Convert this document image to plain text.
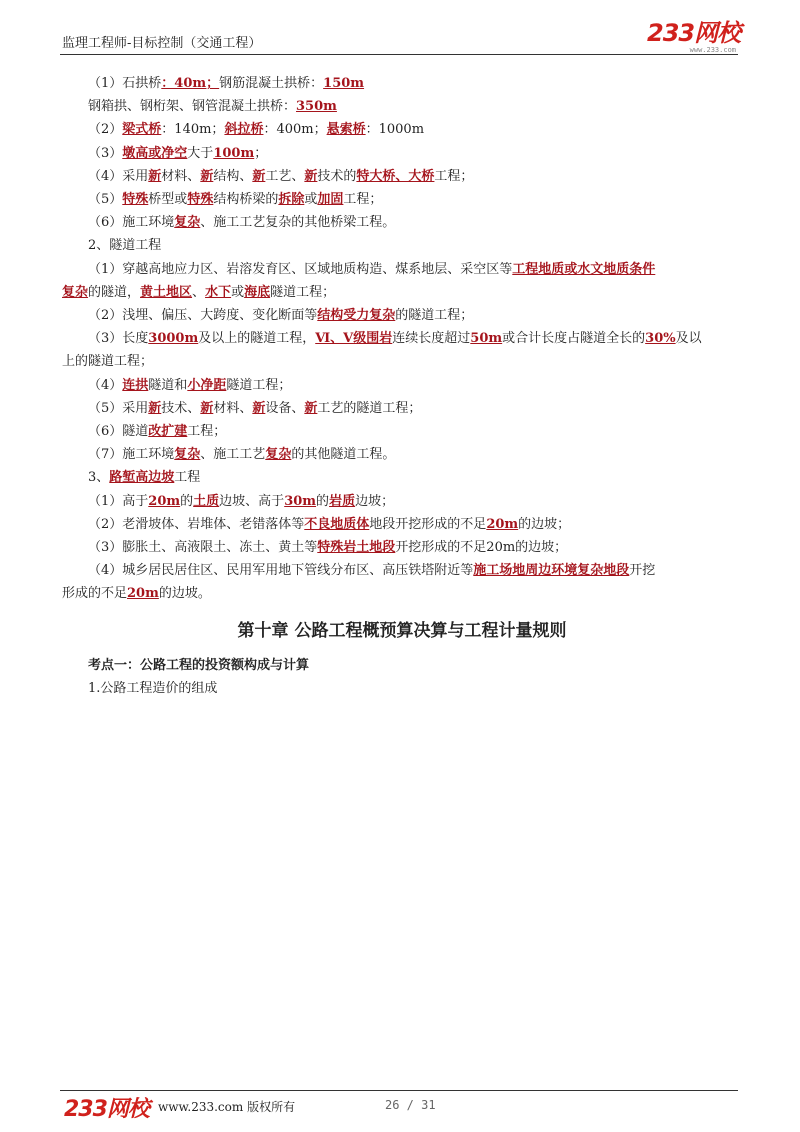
监理工程师-目标控制（交通工程）	233网校
www.233.com
（1）石拱桥：40m；钢筋混凝土拱桥：150m
钢箱拱、钢桁架、钢管混凝土拱桥：350m
（2）梁式桥：140m；斜拉桥：400m；悬索桥：1000m
（3）墩高或净空大于100m；
（4）采用新材料、新结构、新工艺、新技术的特大桥、大桥工程；
（5）特殊桥型或特殊结构桥梁的拆除或加固工程；
（6）施工环境复杂、施工工艺复杂的其他桥梁工程。
2、隧道工程
（1）穿越高地应力区、岩溶发育区、区域地质构造、煤系地层、采空区等工程地质或水文地质条件
复杂的隧道，黄土地区、水下或海底隧道工程；
（2）浅埋、偏压、大跨度、变化断面等结构受力复杂的隧道工程；
（3）长度3000m及以上的隧道工程，Ⅵ、Ⅴ级围岩连续长度超过50m或合计长度占隧道全长的30%及以
上的隧道工程；
（4）连拱隧道和小净距隧道工程；
（5）采用新技术、新材料、新设备、新工艺的隧道工程；
（6）隧道改扩建工程；
（7）施工环境复杂、施工工艺复杂的其他隧道工程。
3、路堑高边坡工程
（1）高于20m的土质边坡、高于30m的岩质边坡；
（2）老滑坡体、岩堆体、老错落体等不良地质体地段开挖形成的不足20m的边坡；
（3）膨胀土、高液限土、冻土、黄土等特殊岩土地段开挖形成的不足20m的边坡；
（4）城乡居民居住区、民用军用地下管线分布区、高压铁塔附近等施工场地周边环境复杂地段开挖
形成的不足20m的边坡。
第十章 公路工程概预算决算与工程计量规则
考点一：公路工程的投资额构成与计算
1.公路工程造价的组成
233网校 www.233.com 版权所有	26 / 31
